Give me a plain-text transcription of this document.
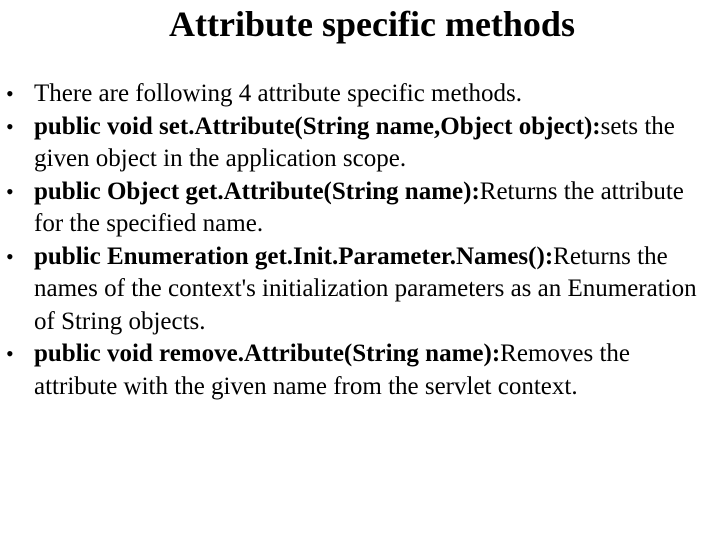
Attribute specific methods
• There are following 4 attribute specific methods.
• public void set.Attribute(String name,Object object):sets the given object in the application scope.
• public Object get.Attribute(String name):Returns the attribute for the specified name.
• public Enumeration get.Init.Parameter.Names():Returns the names of the context's initialization parameters as an Enumeration of String objects.
• public void remove.Attribute(String name):Removes the attribute with the given name from the servlet context.
